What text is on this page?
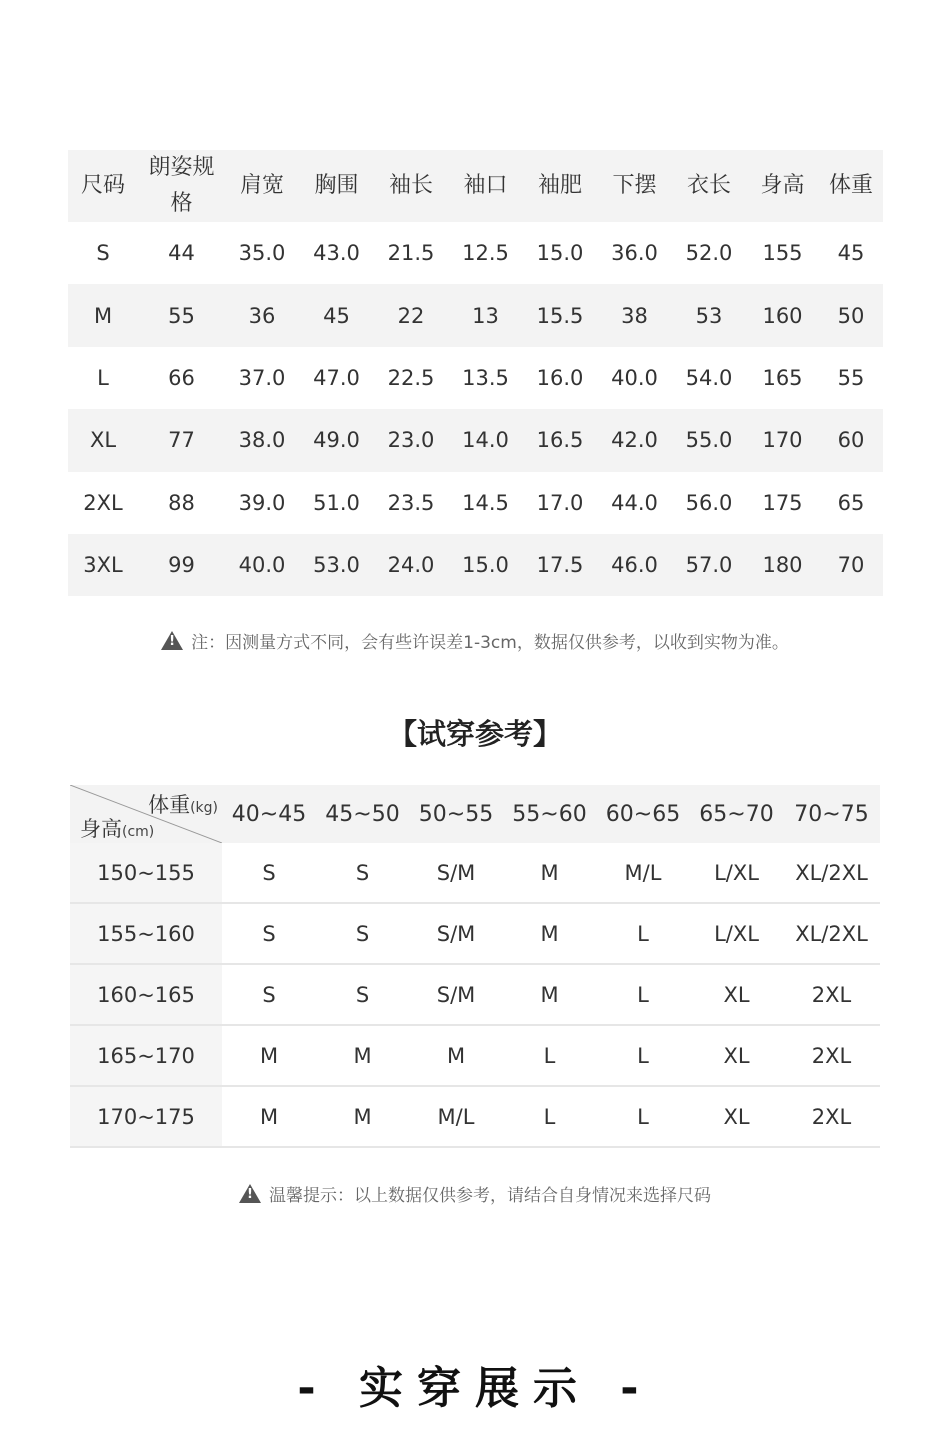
尺码	朗姿规格	肩宽	胸围	袖长	袖口	袖肥	下摆	衣长	身高	体重
S	44	35.0	43.0	21.5	12.5	15.0	36.0	52.0	155	45
M	55	36	45	22	13	15.5	38	53	160	50
L	66	37.0	47.0	22.5	13.5	16.0	40.0	54.0	165	55
XL	77	38.0	49.0	23.0	14.0	16.5	42.0	55.0	170	60
2XL	88	39.0	51.0	23.5	14.5	17.0	44.0	56.0	175	65
3XL	99	40.0	53.0	24.0	15.0	17.5	46.0	57.0	180	70
!注：因测量方式不同，会有些许误差1-3cm，数据仅供参考，以收到实物为准。
【试穿参考】
体重(kg)
身高(cm)	40~45	45~50	50~55	55~60	60~65	65~70	70~75
150~155	S	S	S/M	M	M/L	L/XL	XL/2XL
155~160	S	S	S/M	M	L	L/XL	XL/2XL
160~165	S	S	S/M	M	L	XL	2XL
165~170	M	M	M	L	L	XL	2XL
170~175	M	M	M/L	L	L	XL	2XL
!温馨提示：以上数据仅供参考，请结合自身情况来选择尺码
- 实穿展示 -
